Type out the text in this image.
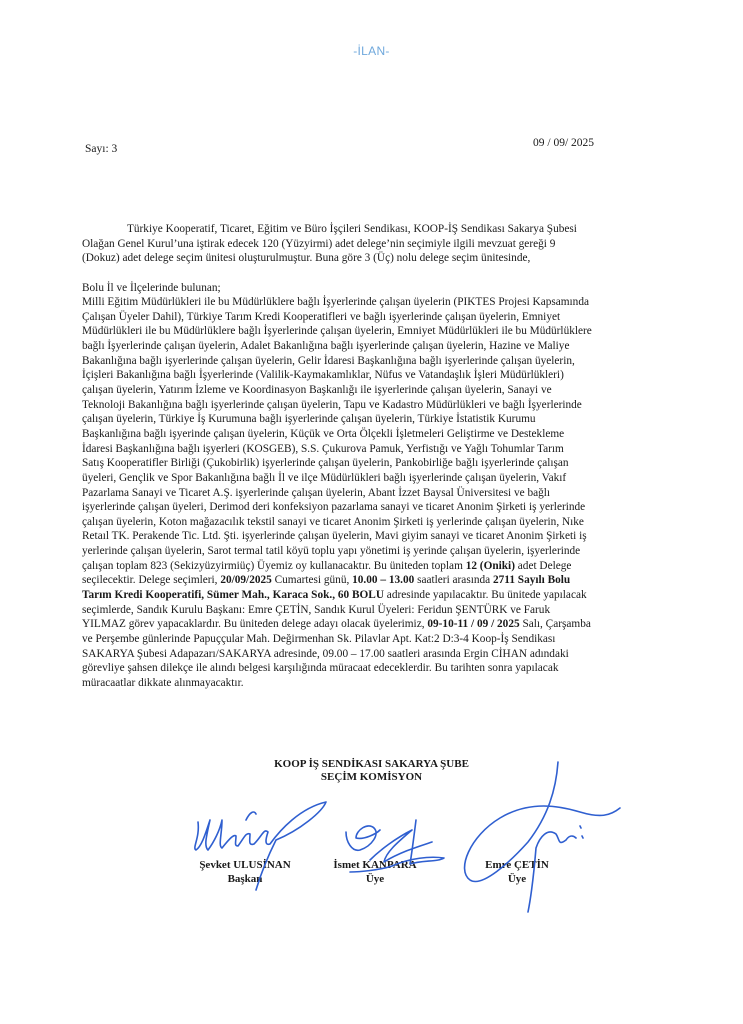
-İLAN-
Sayı: 3	09 / 09/ 2025
Türkiye Kooperatif, Ticaret, Eğitim ve Büro İşçileri Sendikası, KOOP-İŞ Sendikası Sakarya Şubesi
Olağan Genel Kurul’una iştirak edecek 120 (Yüzyirmi) adet delege’nin seçimiyle ilgili mevzuat gereği 9
(Dokuz) adet delege seçim ünitesi oluşturulmuştur. Buna göre 3 (Üç) nolu delege seçim ünitesinde,
Bolu İl ve İlçelerinde bulunan;
Milli Eğitim Müdürlükleri ile bu Müdürlüklere bağlı İşyerlerinde çalışan üyelerin (PIKTES Projesi Kapsamında
Çalışan Üyeler Dahil), Türkiye Tarım Kredi Kooperatifleri ve bağlı işyerlerinde çalışan üyelerin, Emniyet
Müdürlükleri ile bu Müdürlüklere bağlı İşyerlerinde çalışan üyelerin, Emniyet Müdürlükleri ile bu Müdürlüklere
bağlı İşyerlerinde çalışan üyelerin, Adalet Bakanlığına bağlı işyerlerinde çalışan üyelerin, Hazine ve Maliye
Bakanlığına bağlı işyerlerinde çalışan üyelerin, Gelir İdaresi Başkanlığına bağlı işyerlerinde çalışan üyelerin,
İçişleri Bakanlığına bağlı İşyerlerinde (Valilik-Kaymakamlıklar, Nüfus ve Vatandaşlık İşleri Müdürlükleri)
çalışan üyelerin, Yatırım İzleme ve Koordinasyon Başkanlığı ile işyerlerinde çalışan üyelerin, Sanayi ve
Teknoloji Bakanlığına bağlı işyerlerinde çalışan üyelerin, Tapu ve Kadastro Müdürlükleri ve bağlı İşyerlerinde
çalışan üyelerin, Türkiye İş Kurumuna bağlı işyerlerinde çalışan üyelerin, Türkiye İstatistik Kurumu
Başkanlığına bağlı işyerinde çalışan üyelerin, Küçük ve Orta Ölçekli İşletmeleri Geliştirme ve Destekleme
İdaresi Başkanlığına bağlı işyerleri (KOSGEB), S.S. Çukurova Pamuk, Yerfistığı ve Yağlı Tohumlar Tarım
Satış Kooperatifler Birliği (Çukobirlik) işyerlerinde çalışan üyelerin, Pankobirliğe bağlı işyerlerinde çalışan
üyeleri, Gençlik ve Spor Bakanlığına bağlı İl ve ilçe Müdürlükleri bağlı işyerlerinde çalışan üyelerin, Vakıf
Pazarlama Sanayi ve Ticaret A.Ş. işyerlerinde çalışan üyelerin, Abant İzzet Baysal Üniversitesi ve bağlı
işyerlerinde çalışan üyeleri, Derimod deri konfeksiyon pazarlama sanayi ve ticaret Anonim Şirketi iş yerlerinde
çalışan üyelerin, Koton mağazacılık tekstil sanayi ve ticaret Anonim Şirketi iş yerlerinde çalışan üyelerin, Nıke
Retaıl TK. Perakende Tic. Ltd. Şti. işyerlerinde çalışan üyelerin, Mavi giyim sanayi ve ticaret Anonim Şirketi iş
yerlerinde çalışan üyelerin, Sarot termal tatil köyü toplu yapı yönetimi iş yerinde çalışan üyelerin, işyerlerinde
çalışan toplam 823 (Sekizyüzyirmiüç) Üyemiz oy kullanacaktır. Bu üniteden toplam 12 (Oniki) adet Delege
seçilecektir. Delege seçimleri, 20/09/2025 Cumartesi günü, 10.00 – 13.00 saatleri arasında 2711 Sayılı Bolu
Tarım Kredi Kooperatifi, Sümer Mah., Karaca Sok., 60 BOLU adresinde yapılacaktır. Bu ünitede yapılacak
seçimlerde, Sandık Kurulu Başkanı: Emre ÇETİN, Sandık Kurul Üyeleri: Feridun ŞENTÜRK ve Faruk
YILMAZ görev yapacaklardır. Bu üniteden delege adayı olacak üyelerimiz, 09-10-11 / 09 / 2025 Salı, Çarşamba
ve Perşembe günlerinde Papuççular Mah. Değirmenhan Sk. Pilavlar Apt. Kat:2 D:3-4 Koop-İş Sendikası
SAKARYA Şubesi Adapazarı/SAKARYA adresinde, 09.00 – 17.00 saatleri arasında Ergin CİHAN adındaki
görevliye şahsen dilekçe ile alındı belgesi karşılığında müracaat edeceklerdir. Bu tarihten sonra yapılacak
müracaatlar dikkate alınmayacaktır.
KOOP İŞ SENDİKASI SAKARYA ŞUBE
SEÇİM KOMİSYON
Şevket ULUSİNAN
Başkan
İsmet KANPARA
Üye
Emre ÇETİN
Üye
